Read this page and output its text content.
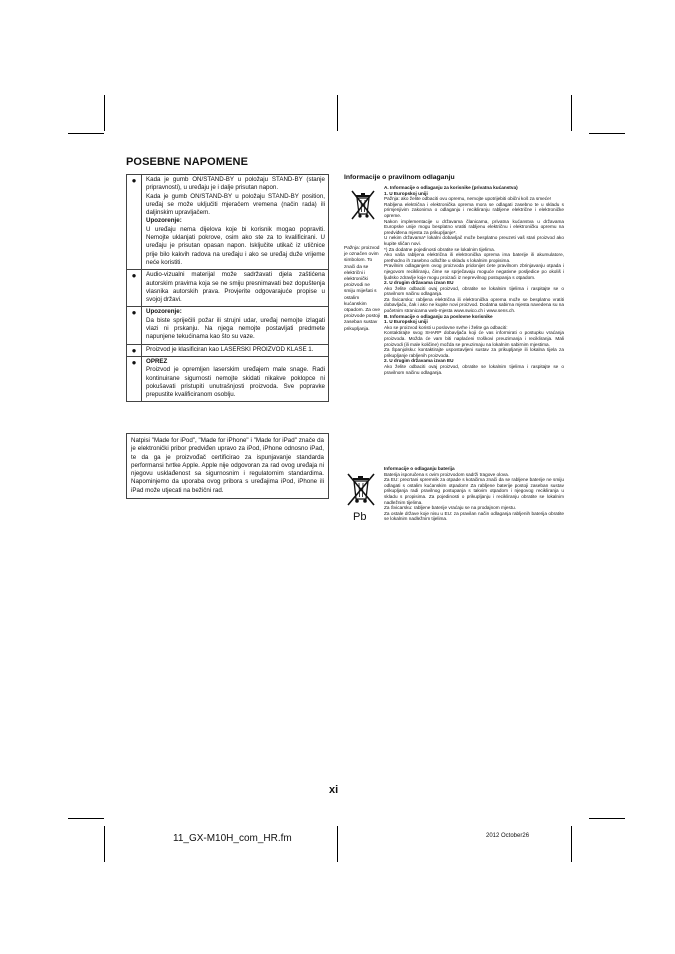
POSEBNE NAPOMENE
●	Kada je gumb ON/STAND-BY u položaju STAND-BY (stanje pripravnosti), u uređaju je i dalje prisutan napon.
Kada je gumb ON/STAND-BY u položaju STAND-BY position, uređaj se može uključiti mjeračem vremena (način rada) ili daljinskim upravljačem.
Upozorenje:
U uređaju nema dijelova koje bi korisnik mogao popraviti. Nemojte uklanjati pokrove, osim ako ste za to kvalificirani. U uređaju je prisutan opasan napon. Isključite utikač iz utičnice prije bilo kakvih radova na uređaju i ako se uređaj duže vrijeme neće koristiti.
●	Audio-vizualni materijal može sadržavati djela zaštićena autorskim pravima koja se ne smiju presnimavati bez dopuštenja vlasnika autorskih prava. Provjerite odgovarajuće propise u svojoj državi.
●	Upozorenje:
Da biste spriječili požar ili strujni udar, uređaj nemojte izlagati vlazi ni prskanju. Na njega nemojte postavljati predmete napunjene tekućinama kao što su vaze.
●	Proizvod je klasificiran kao LASERSKI PROIZVOD KLASE 1.
●	OPREZ
Proizvod je opremljen laserskim uređajem male snage. Radi kontinuirane sigurnosti nemojte skidati nikakve poklopce ni pokušavati pristupiti unutrašnjosti proizvoda. Sve popravke prepustite kvalificiranom osoblju.
Natpisi "Made for iPod", "Made for iPhone" i "Made for iPad" znače da je elektronički pribor predviđen upravo za iPod, iPhone odnosno iPad, te da ga je proizvođač certificirao za ispunjavanje standarda performansi tvrtke Apple. Apple nije odgovoran za rad ovog uređaja ni njegovu usklađenost sa sigurnosnim i regulatornim standardima. Napominjemo da uporaba ovog pribora s uređajima iPod, iPhone ili iPad može utjecati na bežični rad.
Informacije o pravilnom odlaganju
Pažnja: proizvod je označen ovim simbolom. To znači da se električni i elektronički proizvodi ne smiju miješati s ostalim kućanskim otpadom. Za ove proizvode postoji zaseban sustav prikupljanja.

A. Informacije o odlaganju za korisnike (privatna kućanstva)

1. U Europskoj uniji

Pažnja: ako želite odbaciti ovu opremu, nemojte upotrijebiti obični koš za smeće!

Rabljena električna i elektronička oprema mora se odlagati zasebno te u skladu s primjenjivim zakonima o odlaganju i recikliranju rabljene električne i elektroničke opreme.

Nakon implementacije u državama članicama, privatna kućanstva u državama Europske unije mogu besplatno vratiti rabljenu električnu i elektroničku opremu na predviđena mjesta za prikupljanje*.

U nekim državama* lokalni dobavljač može besplatno preuzeti vaš stari proizvod ako kupite sličan novi.

*) Za dodatne pojedinosti obratite se lokalnim tijelima.

Ako vaša rabljena električna ili elektronička oprema ima baterije ili akumulatore, prethodno ih zasebno odložite u skladu s lokalnim propisima.

Pravilnim odlaganjem ovog proizvoda pridonijet ćete pravilnom zbrinjavanju otpada i njegovom recikliranju, čime se sprječavaju moguće negativne posljedice po okoliš i ljudsko zdravlje koje mogu proizaći iz neprevilnog postupanja s otpadom.

2. U drugim državama izvan EU

Ako želite odbaciti ovaj proizvod, obratite se lokalnim tijelima i raspitajte se o pravilnom načinu odlaganja.

Za Švicarsku: rabljena električna ili elektronička oprema može se besplatno vratiti dobavljaču, čak i ako ne kupite novi proizvod. Dodatna sabirna mjesta navedena su na početnim stranicama web-mjesta www.swico.ch i www.sens.ch.

B. Informacije o odlaganju za poslovne korisnike

1. U Europskoj uniji

Ako se proizvod koristi u poslovne svrhe i želite ga odbaciti:

Kontaktirajte svog SHARP dobavljača koji će vas informirati o postupku vraćanja proizvoda. Možda će vam biti naplaćeni troškovi preuzimanja i recikliranja. Mali proizvodi (ili male količine) možda se preuzimaju na lokalnim sabirnim mjestima.

Za Španjolsku: kontaktirajte uspostavljeni sustav za prikupljanje ili lokalna tijela za prikupljanje rabljenih proizvoda.

2. U drugim državama izvan EU

Ako želite odbaciti ovaj proizvod, obratite se lokalnim tijelima i raspitajte se o pravilnom načinu odlaganja.

Pb

Informacije o odlaganju baterija

Baterija isporučena s ovim proizvodom sadrži tragove olova.

Za EU: precrtani spremnik za otpade s kotačima znači da se rabljene baterije ne smiju odlagati s ostalim kućanskim otpadom! Za rabljene baterije postoji zaseban sustav prikupljanja radi pravilnog postupanja s takvim otpadom i njegovog recikliranja u skladu s propisima. Za pojedinosti o prikupljanju i recikliranju obratite se lokalnim nadležnim tijelima.

Za Švicarsku: rabljene baterije vraćaju se na prodajnom mjestu.

Za ostale države koje nisu u EU: za pravilan način odlaganja rabljenih baterija obratite se lokalnim nadležnim tijelima.

xi
11_GX-M10H_com_HR.fm	2012 October26
